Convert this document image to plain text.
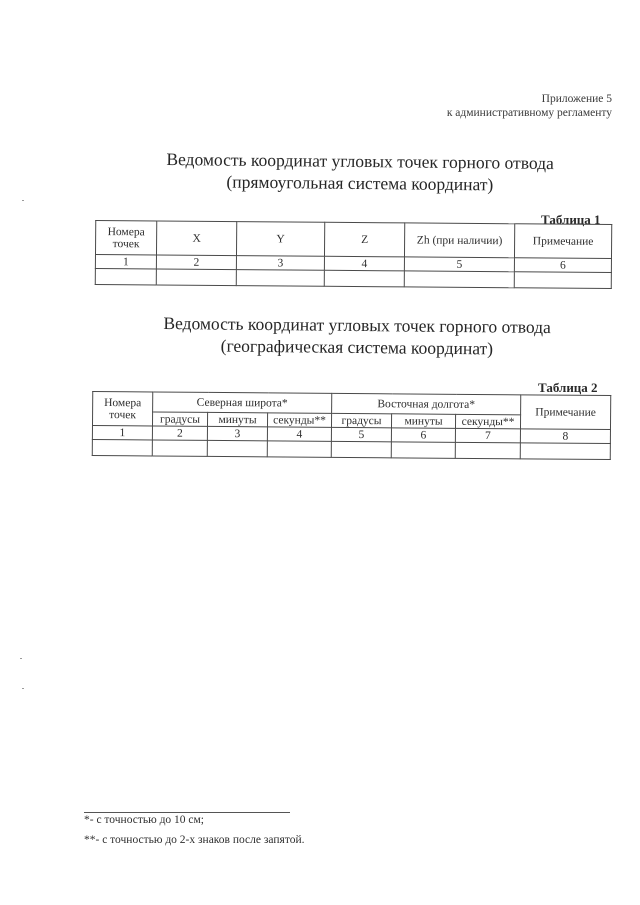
Приложение 5
к административному регламенту
Ведомость координат угловых точек горного отвода
(прямоугольная система координат)
Таблица 1
Номера точек	X	Y	Z	Zh (при наличии)	Примечание
1	2	3	4	5	6

Ведомость координат угловых точек горного отвода
(географическая система координат)
Таблица 2
Номера точек	Северная широта*			Восточная долгота*			Примечание
	градусы	минуты	секунды**	градусы	минуты	секунды**	
1	2	3	4	5	6	7	8

*- с точностью до 10 см;
**- с точностью до 2-х знаков после запятой.
